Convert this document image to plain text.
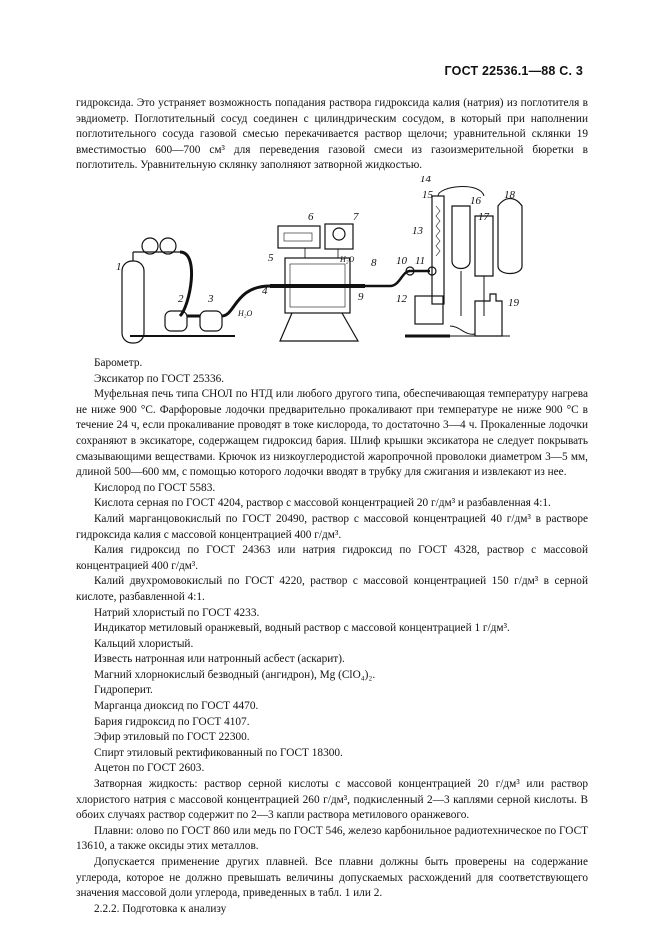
ГОСТ 22536.1—88 С. 3

гидроксида. Это устраняет возможность попадания раствора гидроксида калия (натрия) из поглотителя в эвдиометр. Поглотительный сосуд соединен с цилиндрическим сосудом, в который при наполнении поглотительного сосуда газовой смесью перекачивается раствор щелочи; уравнительной склянки 19 вместимостью 600—700 см³ для переведения газовой смеси из газоизмерительной бюретки в поглотитель. Уравнительную склянку заполняют затворной жидкостью.

1
2 3
4
5
6	7
8
9
10 11
12
13
14
15	16
17
18
19
H₂O
H₂O

Барометр.

Эксикатор по ГОСТ 25336.

Муфельная печь типа СНОЛ по НТД или любого другого типа, обеспечивающая температуру нагрева не ниже 900 °С. Фарфоровые лодочки предварительно прокаливают при температуре не ниже 900 °С в течение 24 ч, если прокаливание проводят в токе кислорода, то достаточно 3—4 ч. Прокаленные лодочки сохраняют в эксикаторе, содержащем гидроксид бария. Шлиф крышки эксикатора не следует покрывать смазывающими веществами. Крючок из низкоуглеродистой жаропрочной проволоки диаметром 3—5 мм, длиной 500—600 мм, с помощью которого лодочки вводят в трубку для сжигания и извлекают из нее.

Кислород по ГОСТ 5583.

Кислота серная по ГОСТ 4204, раствор с массовой концентрацией 20 г/дм³ и разбавленная 4:1.

Калий марганцовокислый по ГОСТ 20490, раствор с массовой концентрацией 40 г/дм³ в растворе гидроксида калия с массовой концентрацией 400 г/дм³.

Калия гидроксид по ГОСТ 24363 или натрия гидроксид по ГОСТ 4328, раствор с массовой концентрацией 400 г/дм³.

Калий двухромовокислый по ГОСТ 4220, раствор с массовой концентрацией 150 г/дм³ в серной кислоте, разбавленной 4:1.

Натрий хлористый по ГОСТ 4233.

Индикатор метиловый оранжевый, водный раствор с массовой концентрацией 1 г/дм³.

Кальций хлористый.

Известь натронная или натронный асбест (аскарит).

Магний хлорнокислый безводный (ангидрон), Mg (ClO₄)₂.

Гидроперит.

Марганца диоксид по ГОСТ 4470.

Бария гидроксид по ГОСТ 4107.

Эфир этиловый по ГОСТ 22300.

Спирт этиловый ректификованный по ГОСТ 18300.

Ацетон по ГОСТ 2603.

Затворная жидкость: раствор серной кислоты с массовой концентрацией 20 г/дм³ или раствор хлористого натрия с массовой концентрацией 260 г/дм³, подкисленный 2—3 каплями серной кислоты. В обоих случаях раствор содержит по 2—3 капли раствора метилового оранжевого.

Плавни: олово по ГОСТ 860 или медь по ГОСТ 546, железо карбонильное радиотехническое по ГОСТ 13610, а также оксиды этих металлов.

Допускается применение других плавней. Все плавни должны быть проверены на содержание углерода, которое не должно превышать величины допускаемых расхождений для соответствующего значения массовой доли углерода, приведенных в табл. 1 или 2.

2.2.2. Подготовка к анализу
